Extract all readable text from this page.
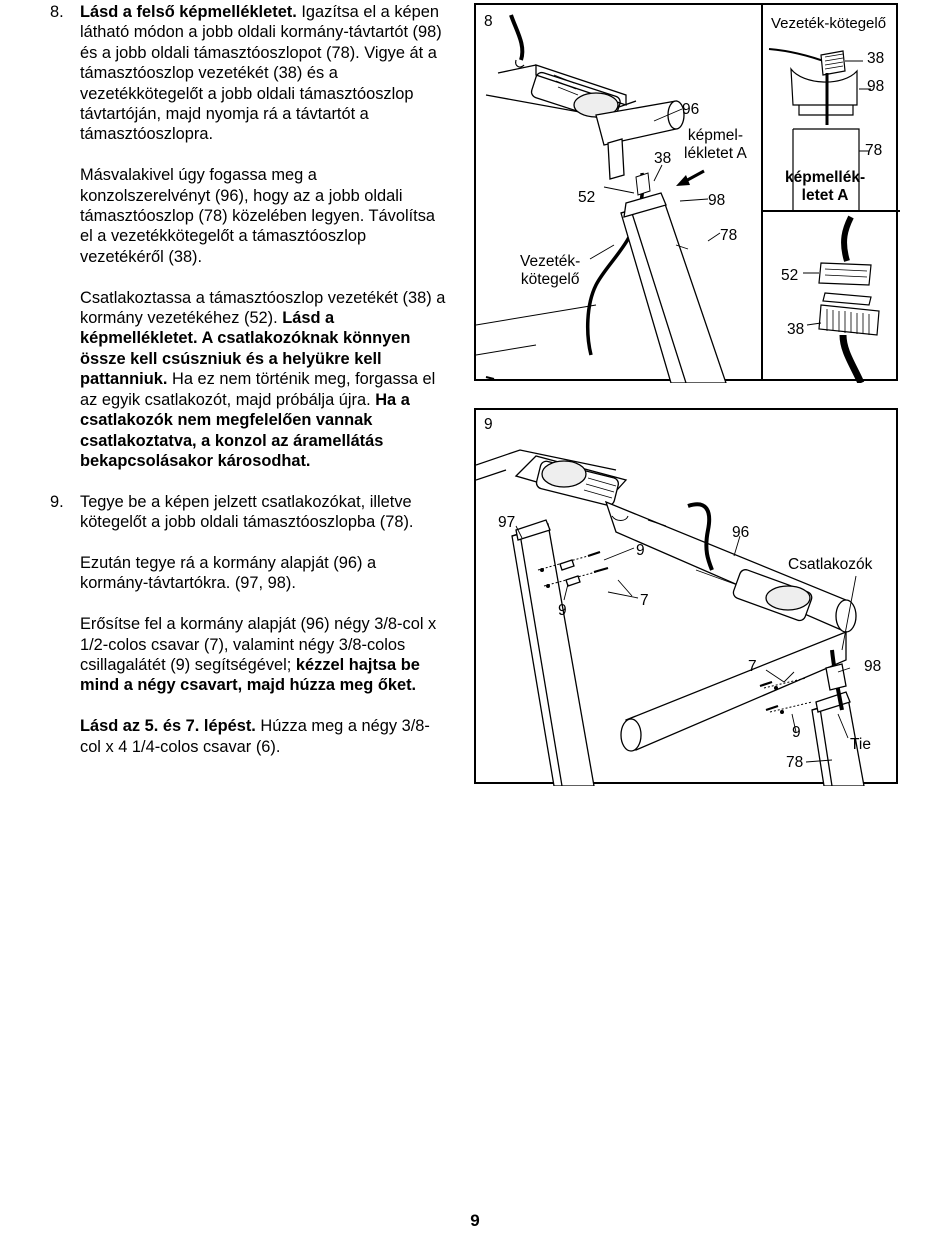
8. Lásd a felső képmellékletet. Igazítsa el a képen látható módon a jobb oldali kormány-távtartót (98) és a jobb oldali támasztóoszlopot (78). Vigye át a támasztóoszlop vezetékét (38) és a vezetékkötegelőt a jobb oldali támasztóoszlop távtartóján, majd nyomja rá a távtartót a támasztóoszlopra.

Másvalakivel úgy fogassa meg a konzolszerelvényt (96), hogy az a jobb oldali támasztóoszlop (78) közelében legyen. Távolítsa el a vezetékkötegelőt a támasztóoszlop vezetékéről (38).

Csatlakoztassa a támasztóoszlop vezetékét (38) a kormány vezetékéhez (52). Lásd a képmellékletet. A csatlakozóknak könnyen össze kell csúszniuk és a helyükre kell pattanniuk. Ha ez nem történik meg, forgassa el az egyik csatlakozót, majd próbálja újra. Ha a csatlakozók nem megfelelően vannak csatlakoztatva, a konzol az áramellátás bekapcsolásakor károsodhat.

9. Tegye be a képen jelzett csatlakozókat, illetve kötegelőt a jobb oldali támasztóoszlopba (78).

Ezután tegye rá a kormány alapját (96) a kormány-távtartókra. (97, 98).

Erősítse fel a kormány alapját (96) négy 3/8-col x 1/2-colos csavar (7), valamint négy 3/8-colos csillagalátét (9) segítségével; kézzel hajtsa be mind a négy csavart, majd húzza meg őket.

Lásd az 5. és 7. lépést. Húzza meg a négy 3/8-col x 4 1/4-colos csavar (6).

8
96
képmel-
lékletet A
38
52	98
78
Vezeték-
kötegelő
Vezeték-kötegelő
38
98
78
képmellék-
letet A
52
38
9
97
96
9
Csatlakozók
7
9
7	98
9
Tie
78
9
